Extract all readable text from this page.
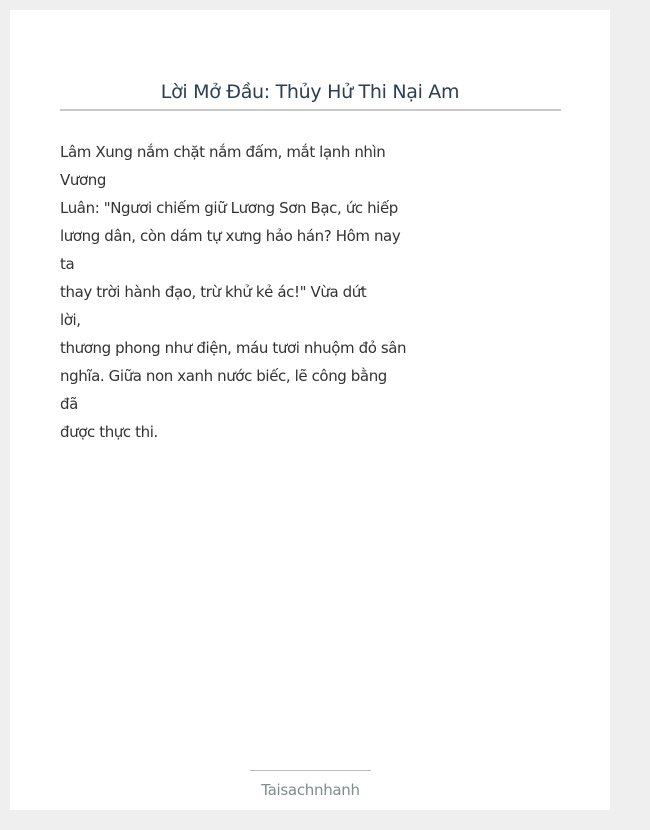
Lời Mở Đầu: Thủy Hử Thi Nại Am
Lâm Xung nắm chặt nắm đấm, mắt lạnh nhìn
Vương
Luân: "Ngươi chiếm giữ Lương Sơn Bạc, ức hiếp
lương dân, còn dám tự xưng hảo hán? Hôm nay
ta
thay trời hành đạo, trừ khử kẻ ác!" Vừa dứt
lời,
thương phong như điện, máu tươi nhuộm đỏ sân
nghĩa. Giữa non xanh nước biếc, lẽ công bằng
đã
được thực thi.
Taisachnhanh
